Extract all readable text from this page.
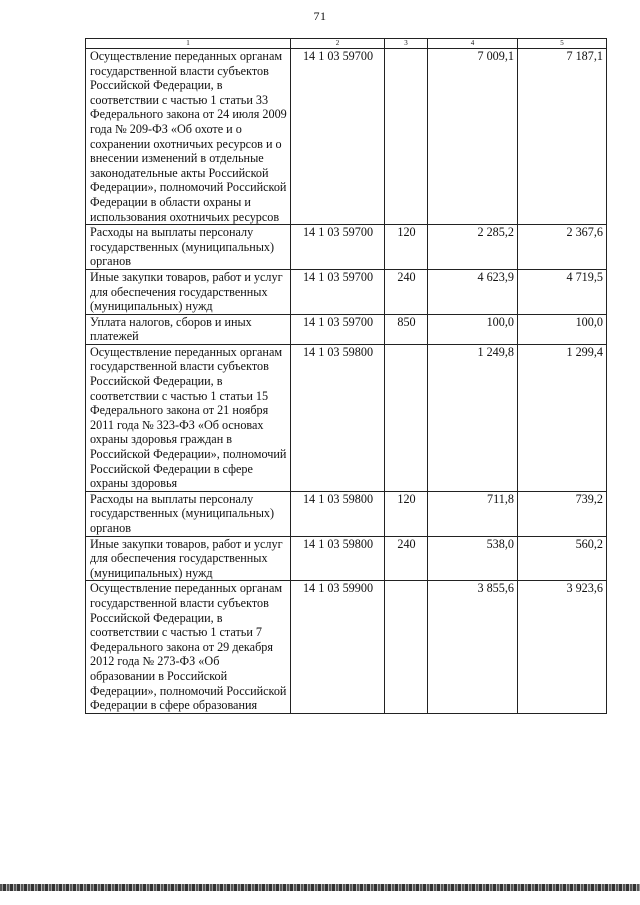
71
1	2	3	4	5
Осуществление переданных органам государственной власти субъектов Российской Федерации, в соответствии с частью 1 статьи 33 Федерального закона от 24 июля 2009 года № 209-ФЗ «Об охоте и о сохранении охотничьих ресурсов и о внесении изменений в отдельные законодательные акты Российской Федерации», полномочий Российской Федерации в области охраны и использования охотничьих ресурсов	14 1 03 59700		7 009,1	7 187,1
Расходы на выплаты персоналу государственных (муниципальных) органов	14 1 03 59700	120	2 285,2	2 367,6
Иные закупки товаров, работ и услуг для обеспечения государственных (муниципальных) нужд	14 1 03 59700	240	4 623,9	4 719,5
Уплата налогов, сборов и иных платежей	14 1 03 59700	850	100,0	100,0
Осуществление переданных органам государственной власти субъектов Российской Федерации, в соответствии с частью 1 статьи 15 Федерального закона от 21 ноября 2011 года № 323-ФЗ «Об основах охраны здоровья граждан в Российской Федерации», полномочий Российской Федерации в сфере охраны здоровья	14 1 03 59800		1 249,8	1 299,4
Расходы на выплаты персоналу государственных (муниципальных) органов	14 1 03 59800	120	711,8	739,2
Иные закупки товаров, работ и услуг для обеспечения государственных (муниципальных) нужд	14 1 03 59800	240	538,0	560,2
Осуществление переданных органам государственной власти субъектов Российской Федерации, в соответствии с частью 1 статьи 7 Федерального закона от 29 декабря 2012 года № 273-ФЗ «Об образовании в Российской Федерации», полномочий Российской Федерации в сфере образования	14 1 03 59900		3 855,6	3 923,6
